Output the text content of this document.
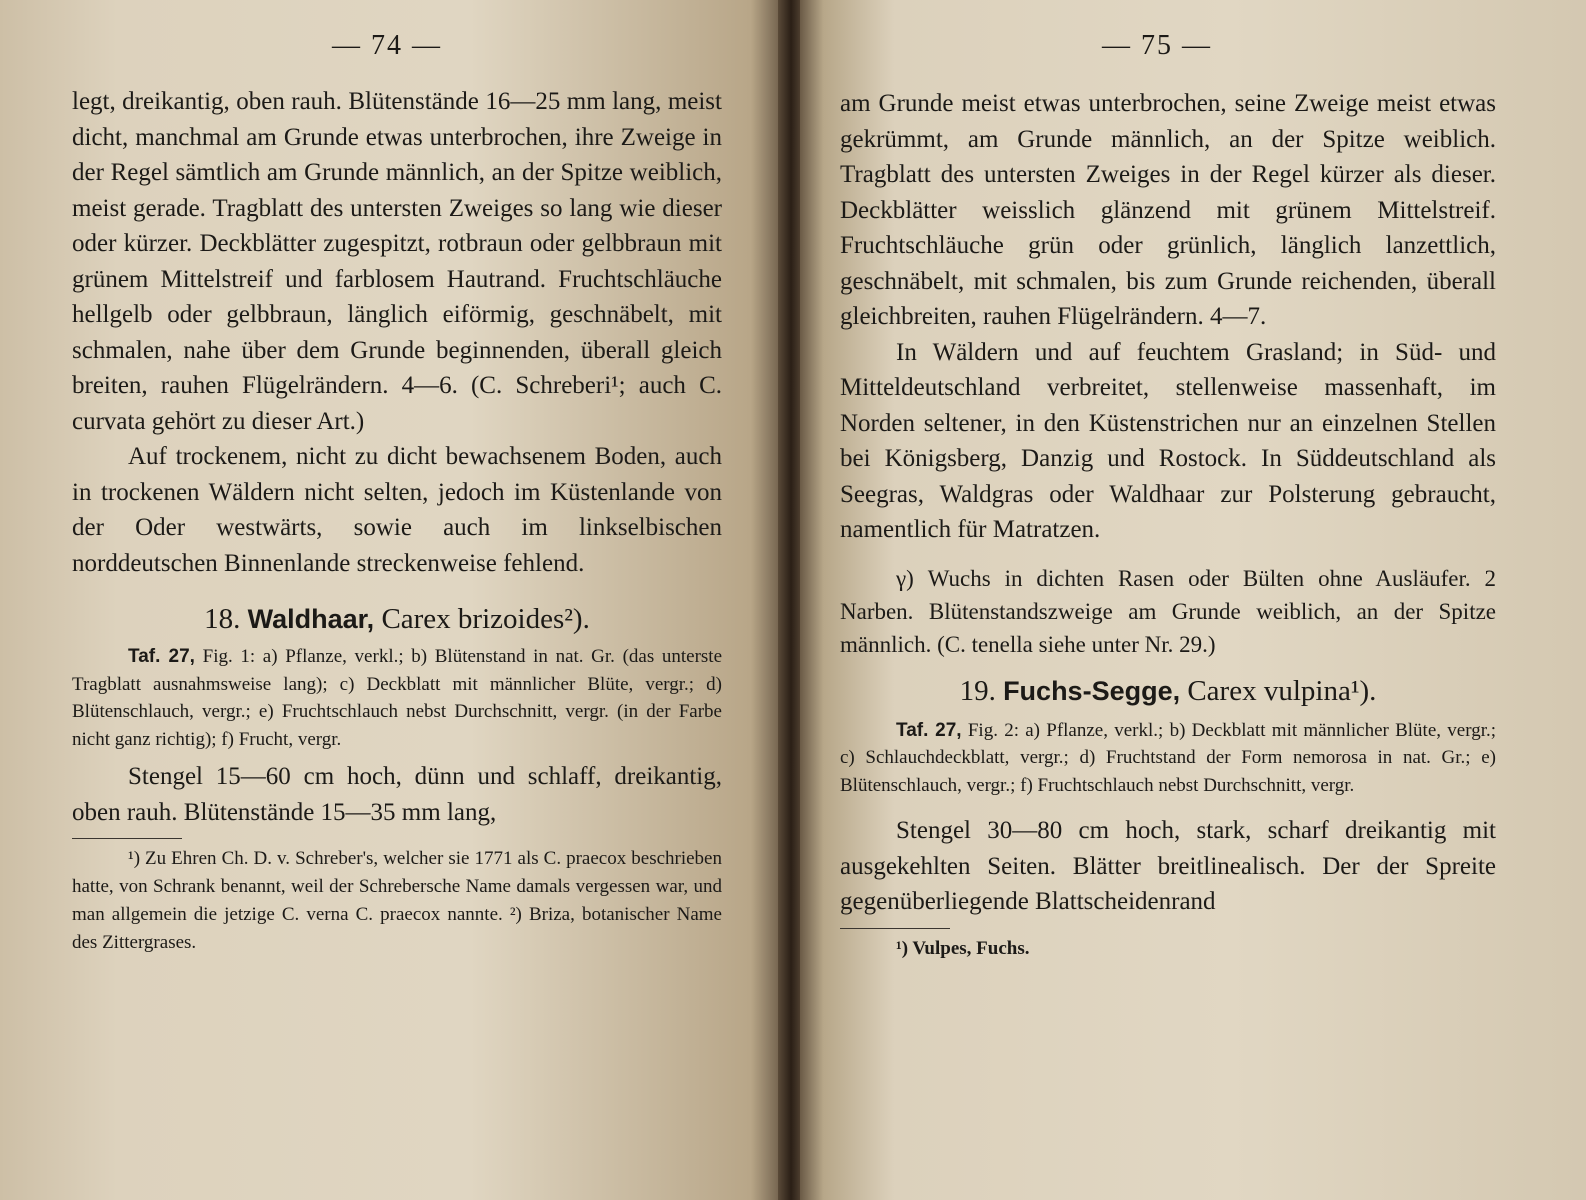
— 74 —

legt, dreikantig, oben rauh. Blütenstände 16—25 mm lang, meist dicht, manchmal am Grunde etwas unterbrochen, ihre Zweige in der Regel sämtlich am Grunde männlich, an der Spitze weiblich, meist gerade. Tragblatt des untersten Zweiges so lang wie dieser oder kürzer. Deckblätter zugespitzt, rotbraun oder gelbbraun mit grünem Mittelstreif und farblosem Hautrand. Fruchtschläuche hellgelb oder gelbbraun, länglich eiförmig, geschnäbelt, mit schmalen, nahe über dem Grunde beginnenden, überall gleich breiten, rauhen Flügelrändern. 4—6. (C. Schreberi¹; auch C. curvata gehört zu dieser Art.)

Auf trockenem, nicht zu dicht bewachsenem Boden, auch in trockenen Wäldern nicht selten, jedoch im Küstenlande von der Oder westwärts, sowie auch im linkselbischen norddeutschen Binnenlande streckenweise fehlend.

18. Waldhaar, Carex brizoides²).

Taf. 27, Fig. 1: a) Pflanze, verkl.; b) Blütenstand in nat. Gr. (das unterste Tragblatt ausnahmsweise lang); c) Deckblatt mit männlicher Blüte, vergr.; d) Blütenschlauch, vergr.; e) Fruchtschlauch nebst Durchschnitt, vergr. (in der Farbe nicht ganz richtig); f) Frucht, vergr.

Stengel 15—60 cm hoch, dünn und schlaff, dreikantig, oben rauh. Blütenstände 15—35 mm lang,

¹) Zu Ehren Ch. D. v. Schreber's, welcher sie 1771 als C. praecox beschrieben hatte, von Schrank benannt, weil der Schrebersche Name damals vergessen war, und man allgemein die jetzige C. verna C. praecox nannte. ²) Briza, botanischer Name des Zittergrases.

— 75 —

am Grunde meist etwas unterbrochen, seine Zweige meist etwas gekrümmt, am Grunde männlich, an der Spitze weiblich. Tragblatt des untersten Zweiges in der Regel kürzer als dieser. Deckblätter weisslich glänzend mit grünem Mittelstreif. Fruchtschläuche grün oder grünlich, länglich lanzettlich, geschnäbelt, mit schmalen, bis zum Grunde reichenden, überall gleichbreiten, rauhen Flügelrändern. 4—7.

In Wäldern und auf feuchtem Grasland; in Süd- und Mitteldeutschland verbreitet, stellenweise massenhaft, im Norden seltener, in den Küstenstrichen nur an einzelnen Stellen bei Königsberg, Danzig und Rostock. In Süddeutschland als Seegras, Waldgras oder Waldhaar zur Polsterung gebraucht, namentlich für Matratzen.

γ) Wuchs in dichten Rasen oder Bülten ohne Ausläufer. 2 Narben. Blütenstandszweige am Grunde weiblich, an der Spitze männlich. (C. tenella siehe unter Nr. 29.)

19. Fuchs-Segge, Carex vulpina¹).

Taf. 27, Fig. 2: a) Pflanze, verkl.; b) Deckblatt mit männlicher Blüte, vergr.; c) Schlauchdeckblatt, vergr.; d) Fruchtstand der Form nemorosa in nat. Gr.; e) Blütenschlauch, vergr.; f) Fruchtschlauch nebst Durchschnitt, vergr.

Stengel 30—80 cm hoch, stark, scharf dreikantig mit ausgekehlten Seiten. Blätter breitlinealisch. Der der Spreite gegenüberliegende Blattscheidenrand

¹) Vulpes, Fuchs.
